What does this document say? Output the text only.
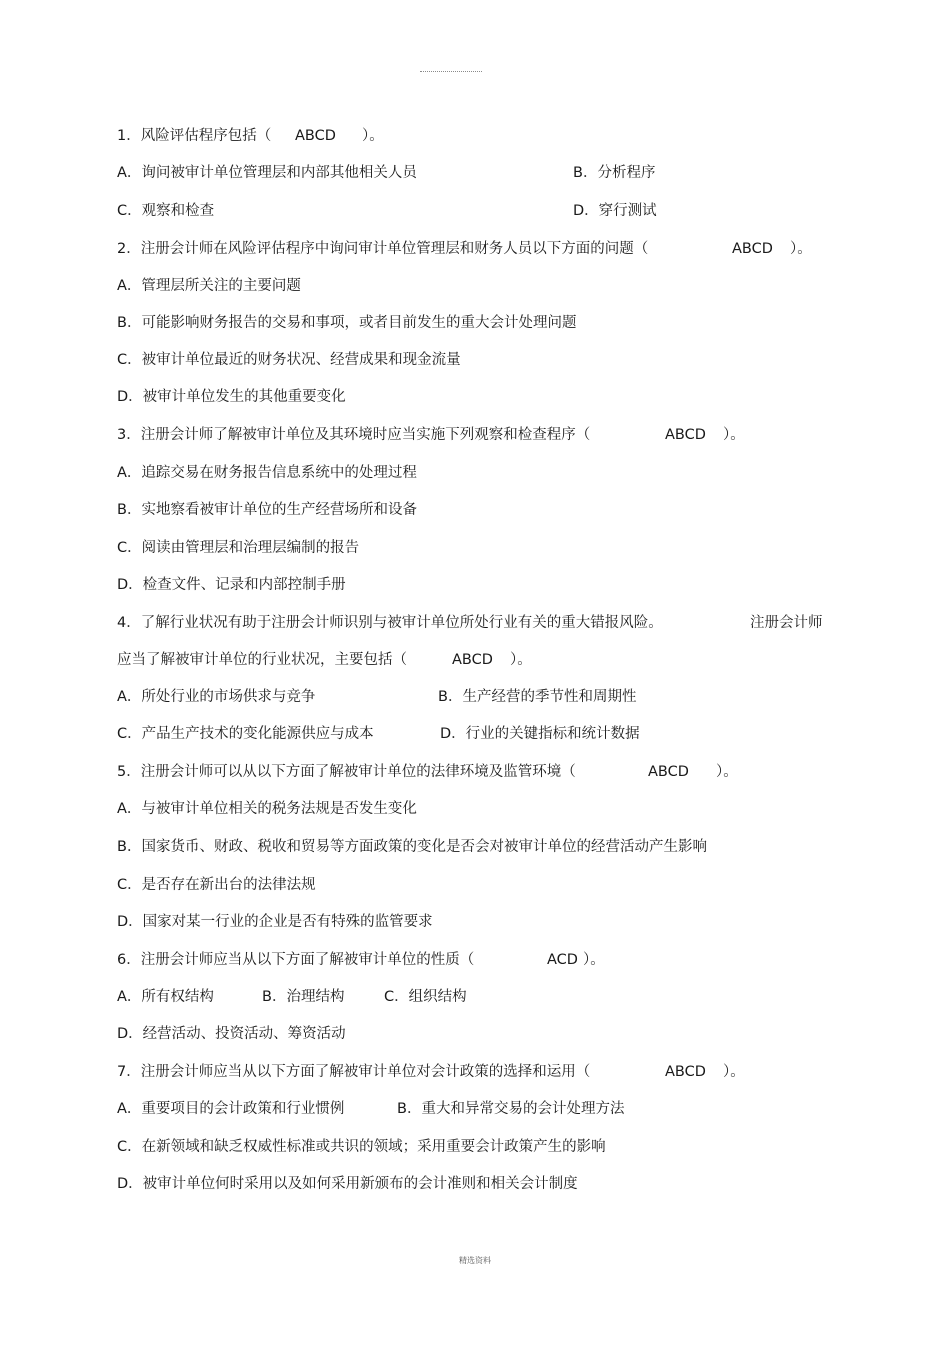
1．风险评估程序包括（ ABCD ）。
A．询问被审计单位管理层和内部其他相关人员	B．分析程序
C．观察和检查	D．穿行测试
2．注册会计师在风险评估程序中询问审计单位管理层和财务人员以下方面的问题（	ABCD ）。
A．管理层所关注的主要问题
B．可能影响财务报告的交易和事项，或者目前发生的重大会计处理问题
C．被审计单位最近的财务状况、经营成果和现金流量
D．被审计单位发生的其他重要变化
3．注册会计师了解被审计单位及其环境时应当实施下列观察和检查程序（	ABCD ）。
A．追踪交易在财务报告信息系统中的处理过程
B．实地察看被审计单位的生产经营场所和设备
C．阅读由管理层和治理层编制的报告
D．检查文件、记录和内部控制手册
4．了解行业状况有助于注册会计师识别与被审计单位所处行业有关的重大错报风险。	注册会计师
应当了解被审计单位的行业状况，主要包括（	ABCD ）。
A．所处行业的市场供求与竞争	B．生产经营的季节性和周期性
C．产品生产技术的变化能源供应与成本	D．行业的关键指标和统计数据
5．注册会计师可以从以下方面了解被审计单位的法律环境及监管环境（	ABCD ）。
A．与被审计单位相关的税务法规是否发生变化
B．国家货币、财政、税收和贸易等方面政策的变化是否会对被审计单位的经营活动产生影响
C．是否存在新出台的法律法规
D．国家对某一行业的企业是否有特殊的监管要求
6．注册会计师应当从以下方面了解被审计单位的性质（	ACD ）。
A．所有权结构	B．治理结构	C．组织结构
D．经营活动、投资活动、筹资活动
7．注册会计师应当从以下方面了解被审计单位对会计政策的选择和运用（	ABCD ）。
A．重要项目的会计政策和行业惯例	B．重大和异常交易的会计处理方法
C．在新领域和缺乏权威性标准或共识的领域；采用重要会计政策产生的影响
D．被审计单位何时采用以及如何采用新颁布的会计准则和相关会计制度
精选资料
